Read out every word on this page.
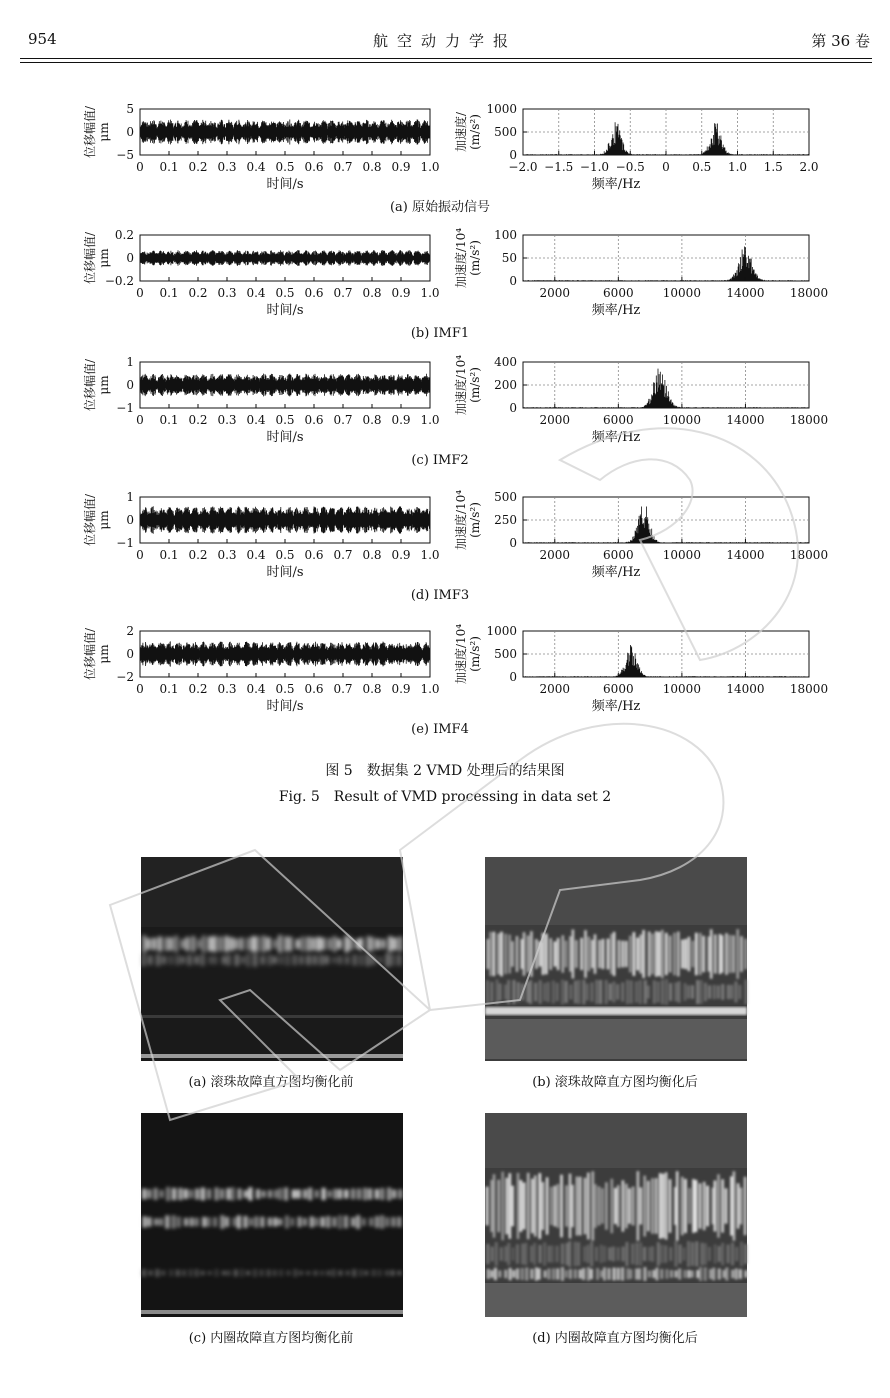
954	航空动力学报	第 36 卷
5
0
−5
0 0.1 0.2 0.3 0.4 0.5 0.6 0.7 0.8 0.9 1.0
时间/s
位移幅值/μm
1000
500
0
−2.0 −1.5 −1.0 −0.5 0 0.5 1.0 1.5 2.0
频率/Hz
加速度/(m/s²)
(a) 原始振动信号
0.2
0
−0.2
0 0.1 0.2 0.3 0.4 0.5 0.6 0.7 0.8 0.9 1.0
时间/s
位移幅值/μm
100
50
0
2000	6000 10000 14000 18000
频率/Hz
加速度/10⁴(m/s²)
(b) IMF1
1
0
−1
0 0.1 0.2 0.3 0.4 0.5 0.6 0.7 0.8 0.9 1.0
时间/s
位移幅值/μm
400
200
0
2000	6000 10000 14000 18000
频率/Hz
加速度/10⁴(m/s²)
(c) IMF2
1
0
−1
0 0.1 0.2 0.3 0.4 0.5 0.6 0.7 0.8 0.9 1.0
时间/s
位移幅值/μm
500
250
0
2000	6000 10000 14000 18000
频率/Hz
加速度/10⁴(m/s²)
(d) IMF3
2
0
−2
0 0.1 0.2 0.3 0.4 0.5 0.6 0.7 0.8 0.9 1.0
时间/s
位移幅值/μm
1000
500
0
2000	6000 10000 14000 18000
频率/Hz
加速度/10⁴(m/s²)
(e) IMF4
图 5　数据集 2 VMD 处理后的结果图
Fig. 5　Result of VMD processing in data set 2
(a) 滚珠故障直方图均衡化前	(b) 滚珠故障直方图均衡化后
(c) 内圈故障直方图均衡化前	(d) 内圈故障直方图均衡化后
